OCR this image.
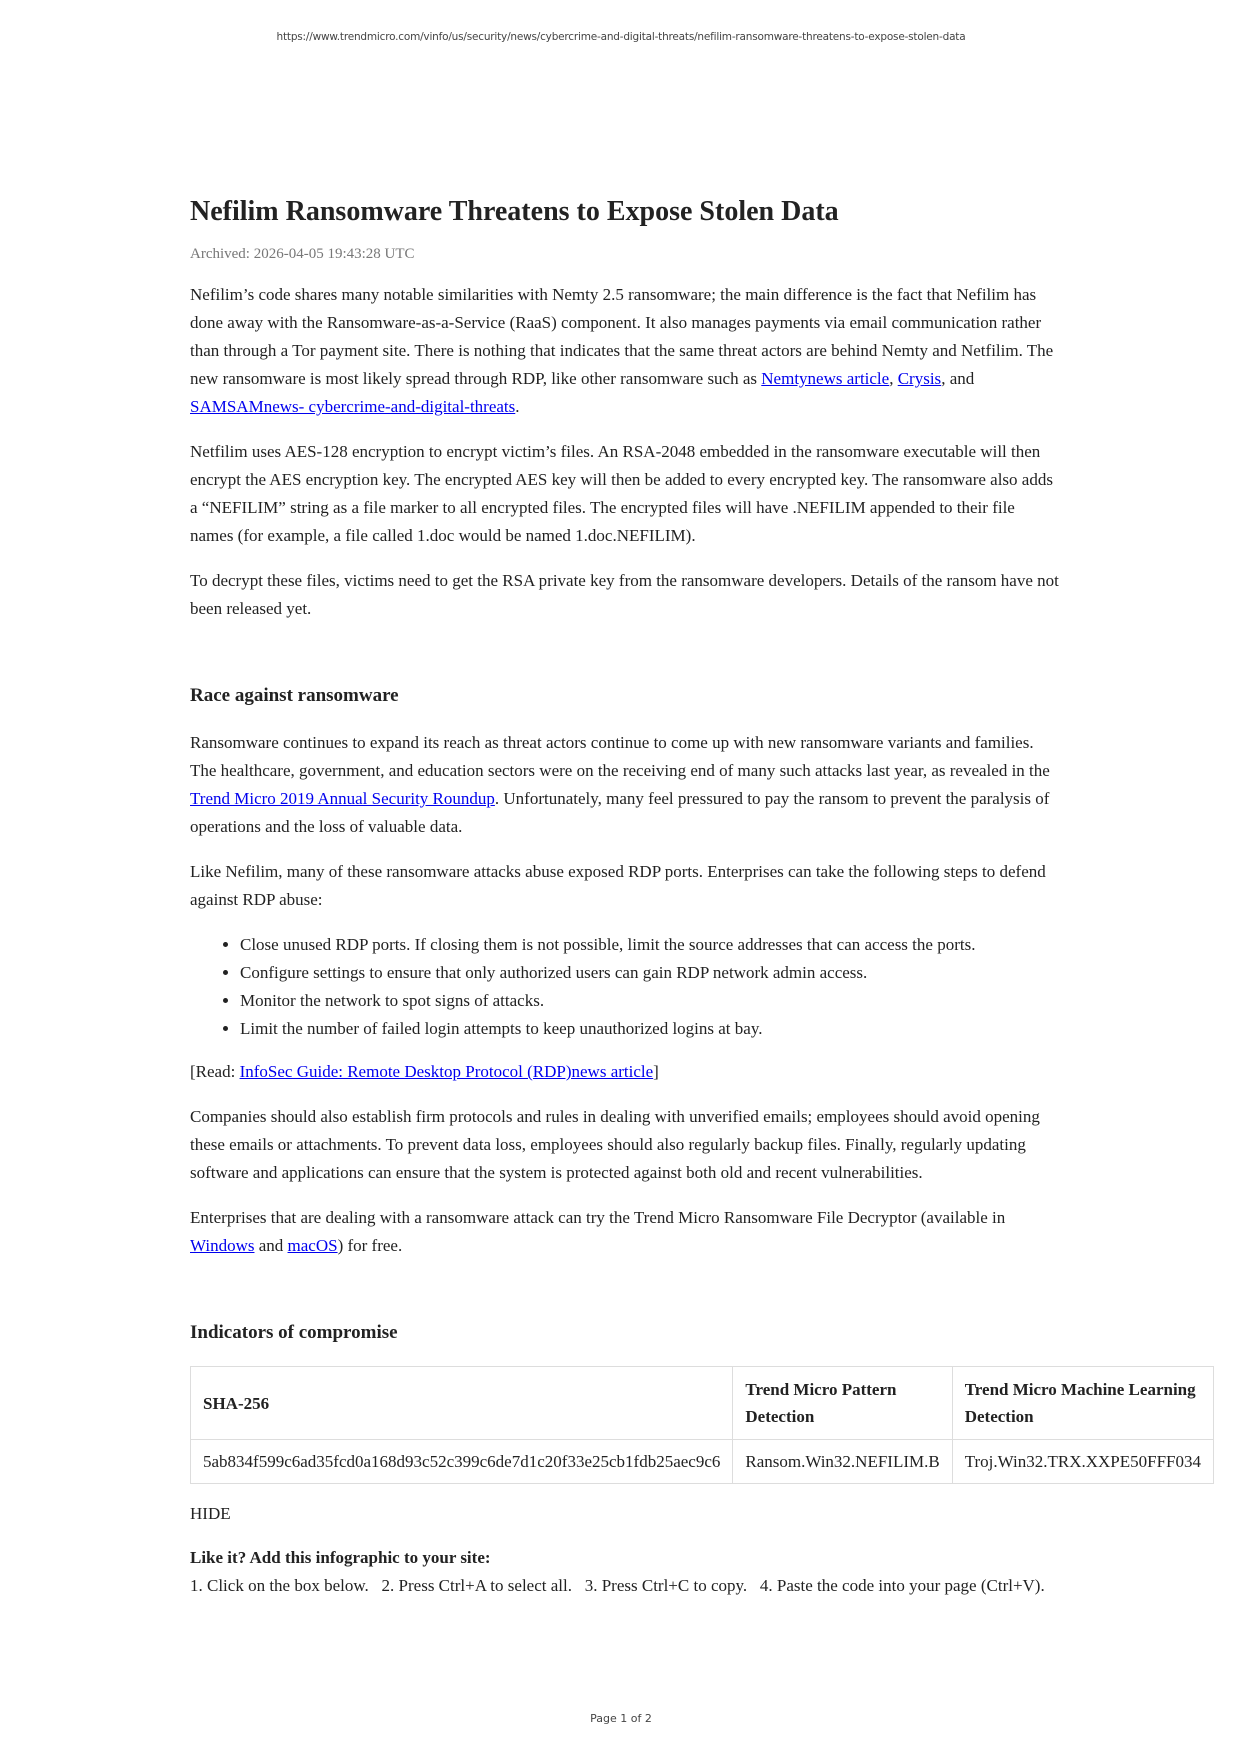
https://www.trendmicro.com/vinfo/us/security/news/cybercrime-and-digital-threats/nefilim-ransomware-threatens-to-expose-stolen-data
Nefilim Ransomware Threatens to Expose Stolen Data
Archived: 2026-04-05 19:43:28 UTC

Nefilim’s code shares many notable similarities with Nemty 2.5 ransomware; the main difference is the fact that Nefilim has done away with the Ransomware-as-a-Service (RaaS) component. It also manages payments via email communication rather than through a Tor payment site. There is nothing that indicates that the same threat actors are behind Nemty and Netfilim. The new ransomware is most likely spread through RDP, like other ransomware such as Nemtynews article, Crysis, and SAMSAMnews- cybercrime-and-digital-threats.

Netfilim uses AES-128 encryption to encrypt victim’s files. An RSA-2048 embedded in the ransomware executable will then encrypt the AES encryption key. The encrypted AES key will then be added to every encrypted key. The ransomware also adds a “NEFILIM” string as a file marker to all encrypted files. The encrypted files will have .NEFILIM appended to their file names (for example, a file called 1.doc would be named 1.doc.NEFILIM).

To decrypt these files, victims need to get the RSA private key from the ransomware developers. Details of the ransom have not been released yet.

Race against ransomware

Ransomware continues to expand its reach as threat actors continue to come up with new ransomware variants and families. The healthcare, government, and education sectors were on the receiving end of many such attacks last year, as revealed in the Trend Micro 2019 Annual Security Roundup. Unfortunately, many feel pressured to pay the ransom to prevent the paralysis of operations and the loss of valuable data.

Like Nefilim, many of these ransomware attacks abuse exposed RDP ports. Enterprises can take the following steps to defend against RDP abuse:

• Close unused RDP ports. If closing them is not possible, limit the source addresses that can access the ports.
• Configure settings to ensure that only authorized users can gain RDP network admin access.
• Monitor the network to spot signs of attacks.
• Limit the number of failed login attempts to keep unauthorized logins at bay.

[Read: InfoSec Guide: Remote Desktop Protocol (RDP)news article]

Companies should also establish firm protocols and rules in dealing with unverified emails; employees should avoid opening these emails or attachments. To prevent data loss, employees should also regularly backup files. Finally, regularly updating software and applications can ensure that the system is protected against both old and recent vulnerabilities.

Enterprises that are dealing with a ransomware attack can try the Trend Micro Ransomware File Decryptor (available in Windows and macOS) for free.

Indicators of compromise
SHA-256	Trend Micro Pattern Detection	Trend Micro Machine Learning Detection
5ab834f599c6ad35fcd0a168d93c52c399c6de7d1c20f33e25cb1fdb25aec9c6	Ransom.Win32.NEFILIM.B	Troj.Win32.TRX.XXPE50FFF034

HIDE

Like it? Add this infographic to your site:

1. Click on the box below.   2. Press Ctrl+A to select all.   3. Press Ctrl+C to copy.   4. Paste the code into your page (Ctrl+V).

Page 1 of 2
